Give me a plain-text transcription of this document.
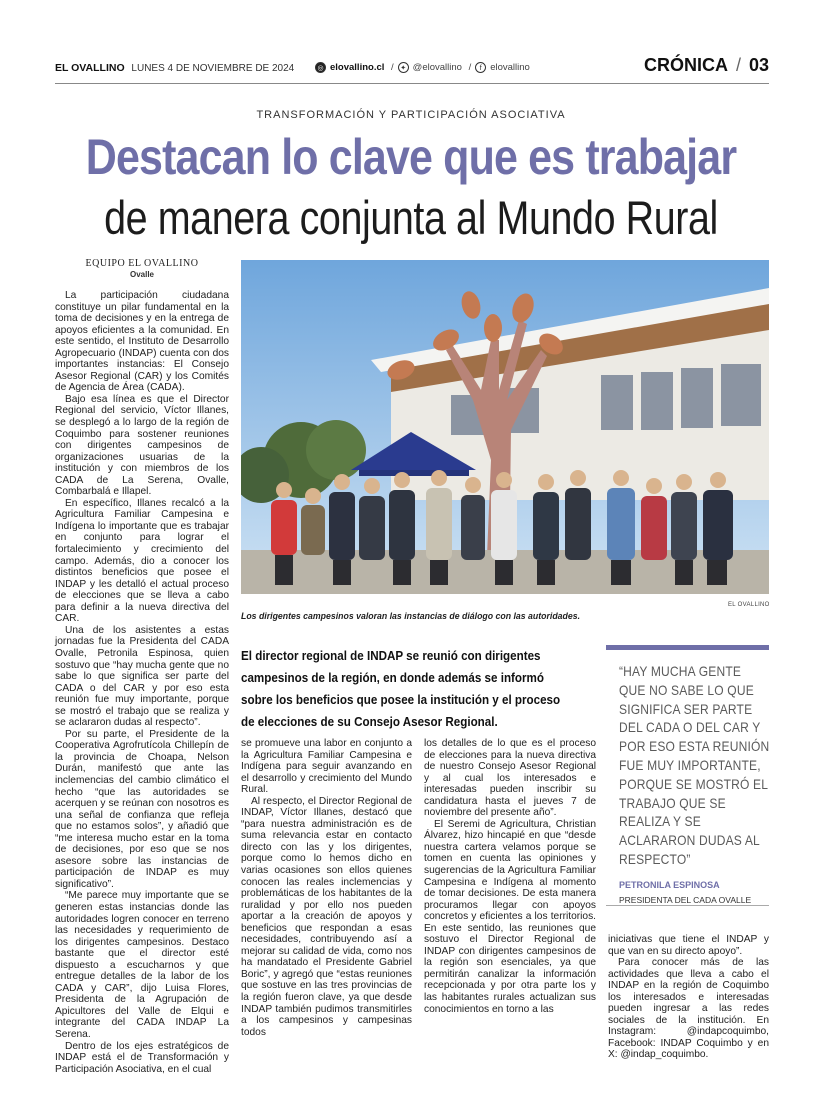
EL OVALLINO LUNES 4 DE NOVIEMBRE DE 2024	◎ elovallino.cl / ✦ @elovallino /	f elovallino	CRÓNICA / 03
TRANSFORMACIÓN Y PARTICIPACIÓN ASOCIATIVA
Destacan lo clave que es trabajar
de manera conjunta al Mundo Rural
EQUIPO EL OVALLINO
Ovalle

La participación ciudadana constituye un pilar fundamental en la toma de decisiones y en la entrega de apoyos eficientes a la comunidad. En este sentido, el Instituto de Desarrollo Agropecuario (INDAP) cuenta con dos importantes instancias: El Consejo Asesor Regional (CAR) y los Comités de Agencia de Área (CADA).

Bajo esa línea es que el Director Regional del servicio, Víctor Illanes, se desplegó a lo largo de la región de Coquimbo para sostener reuniones con dirigentes campesinos de organizaciones usuarias de la institución y con miembros de los CADA de La Serena, Ovalle, Combarbalá e Illapel.

En específico, Illanes recalcó a la Agricultura Familiar Campesina e Indígena lo importante que es trabajar en conjunto para lograr el fortalecimiento y crecimiento del campo. Además, dio a conocer los distintos beneficios que posee el INDAP y les detalló el actual proceso de elecciones que se lleva a cabo para definir a la nueva directiva del CAR.

Una de los asistentes a estas jornadas fue la Presidenta del CADA Ovalle, Petronila Espinosa, quien sostuvo que “hay mucha gente que no sabe lo que significa ser parte del CADA o del CAR y por eso esta reunión fue muy importante, porque se mostró el trabajo que se realiza y se aclararon dudas al respecto”.

Por su parte, el Presidente de la Cooperativa Agrofrutícola Chillepín de la provincia de Choapa, Nelson Durán, manifestó que ante las inclemencias del cambio climático el hecho “que las autoridades se acerquen y se reúnan con nosotros es una señal de confianza que refleja que no estamos solos”, y añadió que “me interesa mucho estar en la toma de decisiones, por eso que se nos asesore sobre las instancias de participación de INDAP es muy significativo”.

“Me parece muy importante que se generen estas instancias donde las autoridades logren conocer en terreno las necesidades y requerimiento de los dirigentes campesinos. Destaco bastante que el director esté dispuesto a escucharnos y que entregue detalles de la labor de los CADA y CAR”, dijo Luisa Flores, Presidenta de la Agrupación de Apicultores del Valle de Elqui e integrante del CADA INDAP La Serena.

Dentro de los ejes estratégicos de INDAP está el de Transformación y Participación Asociativa, en el cual

EL OVALLINO
Los dirigentes campesinos valoran las instancias de diálogo con las autoridades.
El director regional de INDAP se reunió con dirigentes campesinos de la región, en donde además se informó sobre los beneficios que posee la institución y el proceso de elecciones de su Consejo Asesor Regional.
“HAY MUCHA GENTE QUE NO SABE LO QUE SIGNIFICA SER PARTE DEL CADA O DEL CAR Y POR ESO ESTA REUNIÓN FUE MUY IMPORTANTE, PORQUE SE MOSTRÓ EL TRABAJO QUE SE REALIZA Y SE ACLARARON DUDAS AL RESPECTO”
PETRONILA ESPINOSA
PRESIDENTA DEL CADA OVALLE

se promueve una labor en conjunto a la Agricultura Familiar Campesina e Indígena para seguir avanzando en el desarrollo y crecimiento del Mundo Rural.

Al respecto, el Director Regional de INDAP, Víctor Illanes, destacó que “para nuestra administración es de suma relevancia estar en contacto directo con las y los dirigentes, porque como lo hemos dicho en varias ocasiones son ellos quienes conocen las reales inclemencias y problemáticas de los habitantes de la ruralidad y por ello nos pueden aportar a la creación de apoyos y beneficios que respondan a esas necesidades, contribuyendo así a mejorar su calidad de vida, como nos ha mandatado el Presidente Gabriel Boric”, y agregó que “estas reuniones que sostuve en las tres provincias de la región fueron clave, ya que desde INDAP también pudimos transmitirles a los campesinos y campesinas todos

los detalles de lo que es el proceso de elecciones para la nueva directiva de nuestro Consejo Asesor Regional y al cual los interesados e interesadas pueden inscribir su candidatura hasta el jueves 7 de noviembre del presente año”.

El Seremi de Agricultura, Christian Álvarez, hizo hincapié en que “desde nuestra cartera velamos porque se tomen en cuenta las opiniones y sugerencias de la Agricultura Familiar Campesina e Indígena al momento de tomar decisiones. De esta manera procuramos llegar con apoyos concretos y eficientes a los territorios. En este sentido, las reuniones que sostuvo el Director Regional de INDAP con dirigentes campesinos de la región son esenciales, ya que permitirán canalizar la información recepcionada y por otra parte los y las habitantes rurales actualizan sus conocimientos en torno a las

iniciativas que tiene el INDAP y que van en su directo apoyo”.

Para conocer más de las actividades que lleva a cabo el INDAP en la región de Coquimbo los interesados e interesadas pueden ingresar a las redes sociales de la institución. En Instagram: @indapcoquimbo, Facebook: INDAP Coquimbo y en X: @indap_coquimbo.
